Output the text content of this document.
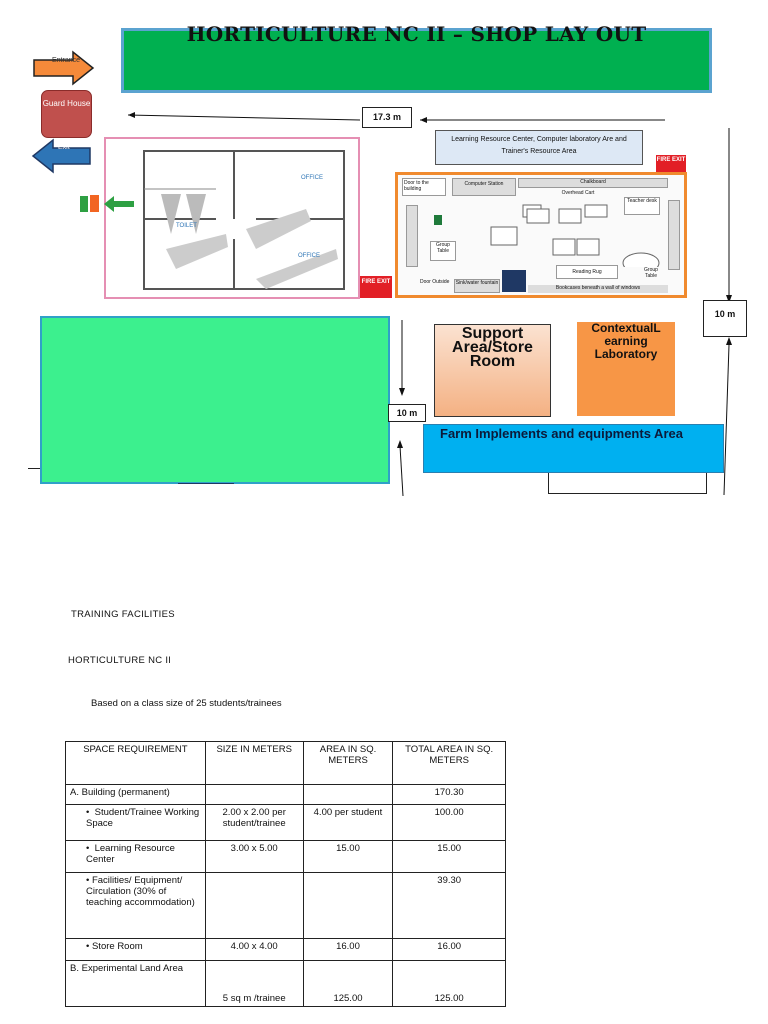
HORTICULTURE NC II – SHOP LAY OUT
Entrance
Guard House
Exit
17.3 m
10 m
TOILET
OFFICE
OFFICE
FIRE EXIT
Learning Resource Center, Computer laboratory Are and Trainer's Resource Area
FIRE EXIT
Door to the building
Computer Station	Chalkboard
Overhead Cart
Teacher desk
Group Table
Reading Rug	Group Table
Door Outside	Sink/water fountain
Bookcases beneath a wall of windows
10 m
Support Area/Store Room
ContextualL earning Laboratory
Farm Implements and equipments Area
TRAINING FACILITIES
HORTICULTURE NC II
Based on a class size of 25 students/trainees
SPACE REQUIREMENT	SIZE IN METERS	AREA IN SQ. METERS	TOTAL AREA IN SQ. METERS
A. Building (permanent)			170.30
•  Student/Trainee Working Space	2.00 x 2.00 per student/trainee	4.00 per student	100.00
•  Learning Resource Center	3.00 x 5.00	15.00	15.00
• Facilities/ Equipment/ Circulation (30% of teaching accommodation)			39.30
• Store Room	4.00 x 4.00	16.00	16.00
B. Experimental Land Area	5 sq m /trainee	125.00	125.00
